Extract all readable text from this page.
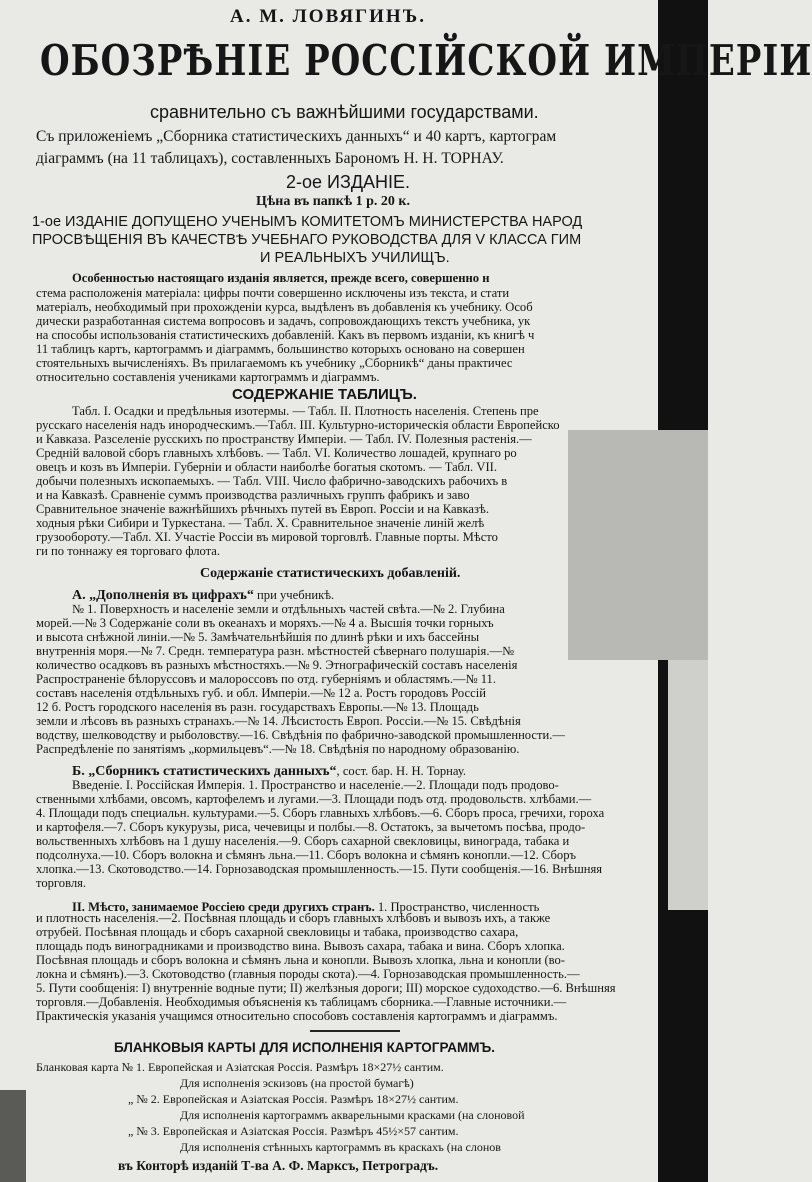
А. М. ЛОВЯГИНЪ.
ОБОЗРѢНІЕ РОССІЙСКОЙ ИМПЕРІИ
сравнительно съ важнѣйшими государствами.
Съ приложеніемъ „Сборника статистическихъ данныхъ“ и 40 картъ, картограм
діаграммъ (на 11 таблицахъ), составленныхъ Барономъ Н. Н. ТОРНАУ.
2-ое ИЗДАНІЕ.
Цѣна въ папкѣ 1 р. 20 к.
1-ое ИЗДАНІЕ ДОПУЩЕНО УЧЕНЫМЪ КОМИТЕТОМЪ МИНИСТЕРСТВА НАРОД
ПРОСВѢЩЕНІЯ ВЪ КАЧЕСТВѢ УЧЕБНАГО РУКОВОДСТВА ДЛЯ V КЛАССА ГИМ
И РЕАЛЬНЫХЪ УЧИЛИЩЪ.
Особенностью настоящаго изданія является, прежде всего, совершенно н
стема расположенія матеріала: цифры почти совершенно исключены изъ текста, и стати
матеріалъ, необходимый при прохожденіи курса, выдѣленъ въ добавленія къ учебнику. Особ
дически разработанная система вопросовъ и задачъ, сопровождающихъ текстъ учебника, ук
на способы использованія статистическихъ добавленій. Какъ въ первомъ изданіи, къ книгѣ ч
11 таблицъ картъ, картограммъ и діаграммъ, большинство которыхъ основано на совершен
стоятельныхъ вычисленіяхъ. Въ прилагаемомъ къ учебнику „Сборникѣ“ даны практичес
относительно составленія учениками картограммъ и діаграммъ.
СОДЕРЖАНІЕ ТАБЛИЦЪ.
Табл. I. Осадки и предѣльныя изотермы. — Табл. II. Плотность населенія. Степень пре
русскаго населенія надъ инородческимъ.—Табл. III. Культурно-историческія области Европейско
и Кавказа. Разселеніе русскихъ по пространству Имперіи. — Табл. IV. Полезныя растенія.—
Средній валовой сборъ главныхъ хлѣбовъ. — Табл. VI. Количество лошадей, крупнаго ро
овецъ и козъ въ Имперіи. Губерніи и области наиболѣе богатыя скотомъ. — Табл. VII.
добычи полезныхъ ископаемыхъ. — Табл. VIII. Число фабрично-заводскихъ рабочихъ в
и на Кавказѣ. Сравненіе суммъ производства различныхъ группъ фабрикъ и заво
Сравнительное значеніе важнѣйшихъ рѣчныхъ путей въ Европ. Россіи и на Кавказѣ.
ходныя рѣки Сибири и Туркестана. — Табл. X. Сравнительное значеніе линій желѣ
грузооборотy.—Табл. XI. Участіе Россіи въ мировой торговлѣ. Главные порты. Мѣсто
ги по тоннажу ея торговаго флота.
Содержаніе статистическихъ добавленій.
А. „Дополненія въ цифрахъ“ при учебникѣ.
№ 1. Поверхность и населеніе земли и отдѣльныхъ частей свѣта.—№ 2. Глубина
морей.—№ 3 Содержаніе соли въ океанахъ и моряхъ.—№ 4 а. Высшія точки горныхъ
и высота снѣжной линіи.—№ 5. Замѣчательнѣйшія по длинѣ рѣки и ихъ бассейны
внутреннія моря.—№ 7. Средн. температура разн. мѣстностей сѣвернаго полушарія.—№
количество осадковъ въ разныхъ мѣстностяхъ.—№ 9. Этнографическій составъ населенія
Распространеніе бѣлоруссовъ и малороссовъ по отд. губерніямъ и областямъ.—№ 11.
составъ населенія отдѣльныхъ губ. и обл. Имперіи.—№ 12 а. Ростъ городовъ Россій
12 б. Ростъ городского населенія въ разн. государствахъ Европы.—№ 13. Площадь
земли и лѣсовъ въ разныхъ странахъ.—№ 14. Лѣсистость Европ. Россіи.—№ 15. Свѣдѣнія
водству, шелководству и рыболовству.—16. Свѣдѣнія по фабрично-заводской промышленности.—
Распредѣленіе по занятіямъ „кормильцевъ“.—№ 18. Свѣдѣнія по народному образованію.
Б. „Сборникъ статистическихъ данныхъ“, сост. бар. Н. Н. Торнау.
Введеніе. I. Россійская Имперія. 1. Пространство и населеніе.—2. Площади подъ продово-
ственными хлѣбами, овсомъ, картофелемъ и лугами.—3. Площади подъ отд. продовольств. хлѣбами.—
4. Площади подъ специальн. культурами.—5. Сборъ главныхъ хлѣбовъ.—6. Сборъ проса, гречихи, гороха
и картофеля.—7. Сборъ кукурузы, риса, чечевицы и полбы.—8. Остатокъ, за вычетомъ посѣва, продо-
вольственныхъ хлѣбовъ на 1 душу населенія.—9. Сборъ сахарной свекловицы, винограда, табака и
подсолнуха.—10. Сборъ волокна и сѣмянъ льна.—11. Сборъ волокна и сѣмянъ конопли.—12. Сборъ
хлопка.—13. Скотоводство.—14. Горнозаводская промышленность.—15. Пути сообщенія.—16. Внѣшняя
торговля.
II. Мѣсто, занимаемое Россіею среди другихъ странъ. 1. Пространство, численность
и плотность населенія.—2. Посѣвная площадь и сборъ главныхъ хлѣбовъ и вывозъ ихъ, а также
отрубей. Посѣвная площадь и сборъ сахарной свекловицы и табака, производство сахара,
площадь подъ виноградниками и производство вина. Вывозъ сахара, табака и вина. Сборъ хлопка.
Посѣвная площадь и сборъ волокна и сѣмянъ льна и конопли. Вывозъ хлопка, льна и конопли (во-
локна и сѣмянъ).—3. Скотоводство (главныя породы скота).—4. Горнозаводская промышленность.—
5. Пути сообщенія: I) внутренніе водные пути; II) желѣзныя дороги; III) морское судоходство.—6. Внѣшняя
торговля.—Добавленія. Необходимыя объясненія къ таблицамъ сборника.—Главные источники.—
Практическія указанія учащимся относительно способовъ составленія картограммъ и діаграммъ.
БЛАНКОВЫЯ КАРТЫ ДЛЯ ИСПОЛНЕНІЯ КАРТОГРАММЪ.
Бланковая карта № 1. Европейская и Азіатская Россія. Размѣръ 18×27½ сантим.
Для исполненія эскизовъ (на простой бумагѣ)
„ № 2. Европейская и Азіатская Россія. Размѣръ 18×27½ сантим.
Для исполненія картограммъ акварельными красками (на слоновой
„ № 3. Европейская и Азіатская Россія. Размѣръ 45½×57 сантим.
Для исполненія стѣнныхъ картограммъ въ краскахъ (на слонов
въ Конторѣ изданій Т-ва А. Ф. Марксъ, Петроградъ.
